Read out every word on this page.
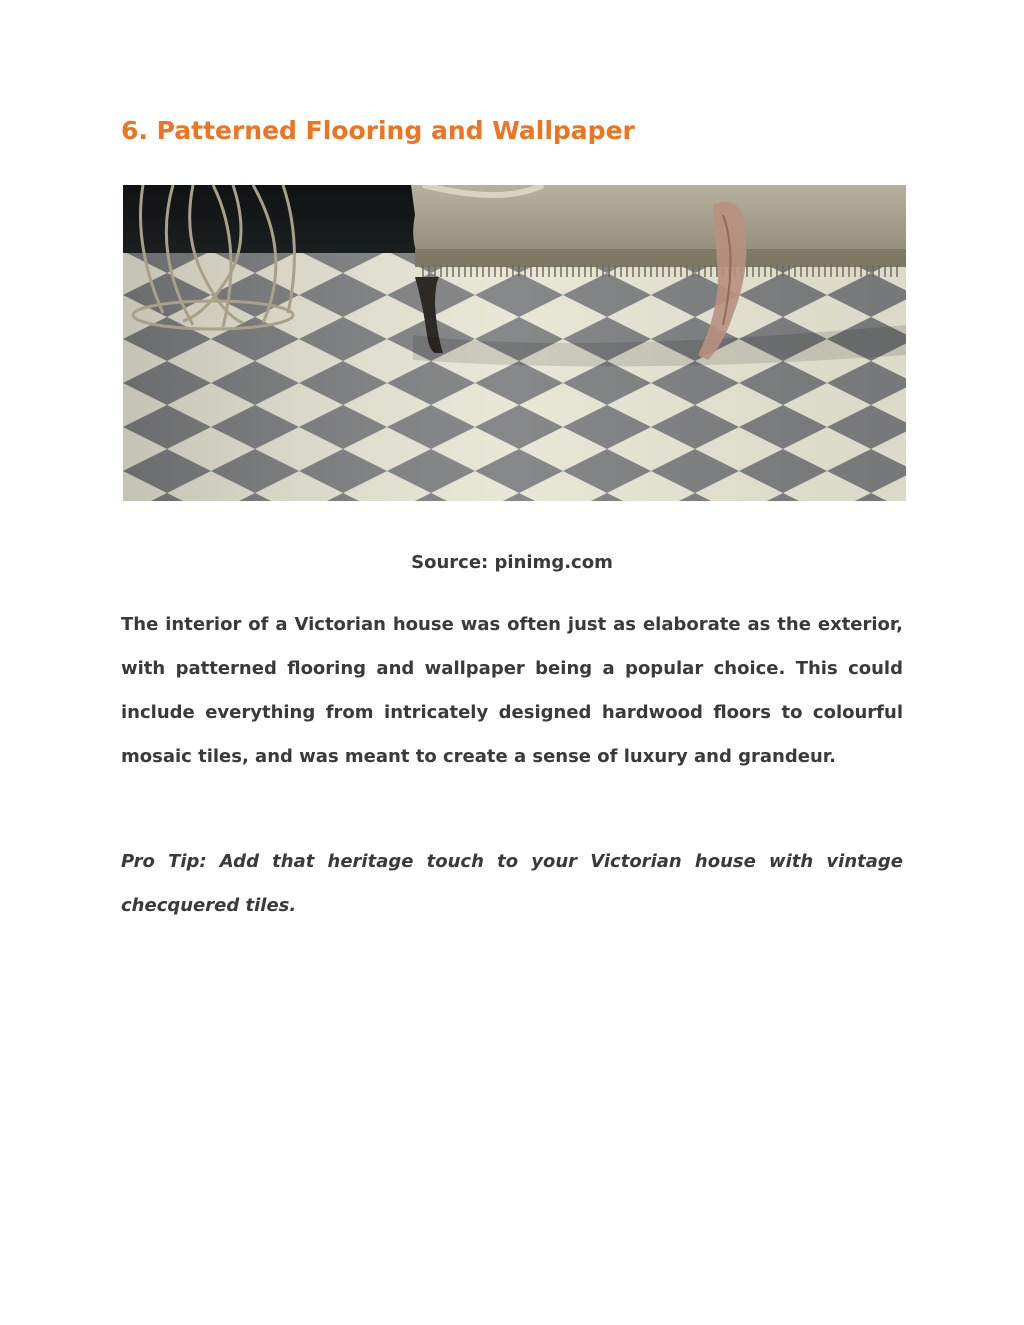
6. Patterned Flooring and Wallpaper
Source: pinimg.com

The interior of a Victorian house was often just as elaborate as the exterior, with patterned flooring and wallpaper being a popular choice. This could include everything from intricately designed hardwood floors to colourful mosaic tiles, and was meant to create a sense of luxury and grandeur.

Pro Tip: Add that heritage touch to your Victorian house with vintage checquered tiles.
